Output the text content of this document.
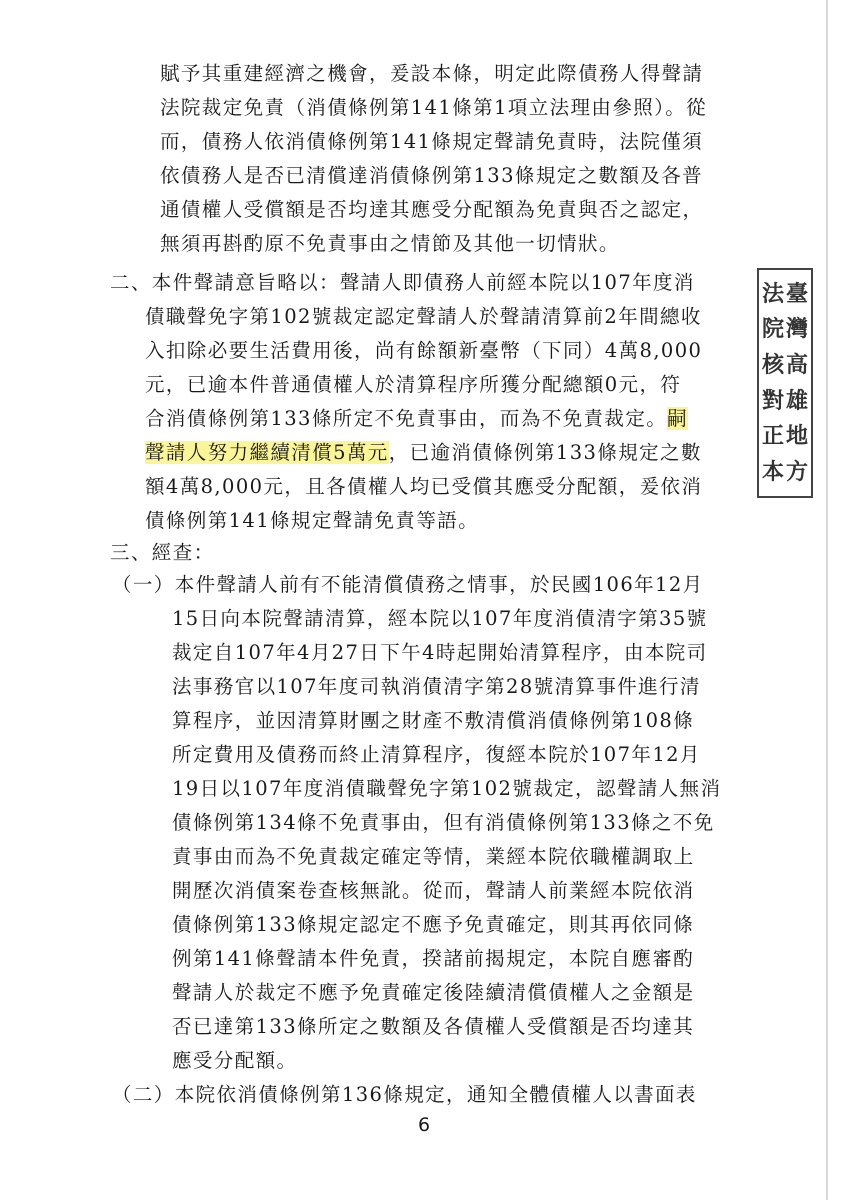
賦予其重建經濟之機會，爰設本條，明定此際債務人得聲請
法院裁定免責（消債條例第141條第1項立法理由參照）。從
而，債務人依消債條例第141條規定聲請免責時，法院僅須
依債務人是否已清償達消債條例第133條規定之數額及各普
通債權人受償額是否均達其應受分配額為免責與否之認定，
無須再斟酌原不免責事由之情節及其他一切情狀。
二、本件聲請意旨略以：聲請人即債務人前經本院以107年度消
債職聲免字第102號裁定認定聲請人於聲請清算前2年間總收
入扣除必要生活費用後，尚有餘額新臺幣（下同）4萬8,000
元，已逾本件普通債權人於清算程序所獲分配總額0元，符
合消債條例第133條所定不免責事由，而為不免責裁定。嗣
聲請人努力繼續清償5萬元，已逾消債條例第133條規定之數
額4萬8,000元，且各債權人均已受償其應受分配額，爰依消
債條例第141條規定聲請免責等語。
三、經查：
（一）本件聲請人前有不能清償債務之情事，於民國106年12月
15日向本院聲請清算，經本院以107年度消債清字第35號
裁定自107年4月27日下午4時起開始清算程序，由本院司
法事務官以107年度司執消債清字第28號清算事件進行清
算程序，並因清算財團之財產不敷清償消債條例第108條
所定費用及債務而終止清算程序，復經本院於107年12月
19日以107年度消債職聲免字第102號裁定，認聲請人無消
債條例第134條不免責事由，但有消債條例第133條之不免
責事由而為不免責裁定確定等情，業經本院依職權調取上
開歷次消債案卷查核無訛。從而，聲請人前業經本院依消
債條例第133條規定認定不應予免責確定，則其再依同條
例第141條聲請本件免責，揆諸前揭規定，本院自應審酌
聲請人於裁定不應予免責確定後陸續清償債權人之金額是
否已達第133條所定之數額及各債權人受償額是否均達其
應受分配額。
（二）本院依消債條例第136條規定，通知全體債權人以書面表
臺
灣
高
雄
地
方
法
院
核
對
正
本
6
